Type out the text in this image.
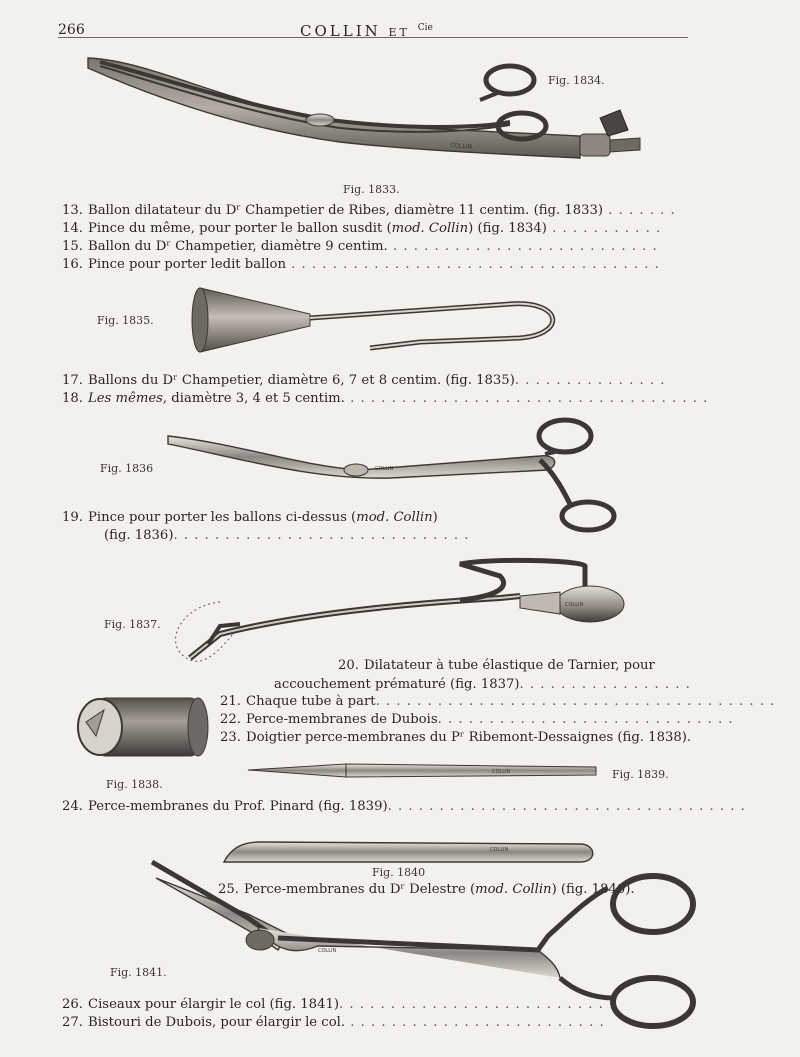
266	COLLIN ET $^{Cie}$
COLLIN
Fig. 1834.
Fig. 1833.
13. Ballon dilatateur du Dʳ Champetier de Ribes, diamètre 11 centim. (fig. 1833) . . . . . . .
14. Pince du même, pour porter le ballon susdit (mod. Collin) (fig. 1834) . . . . . . . . . . .
15. Ballon du Dʳ Champetier, diamètre 9 centim. . . . . . . . . . . . . . . . . . . . . . . . . . .
16. Pince pour porter ledit ballon . . . . . . . . . . . . . . . . . . . . . . . . . . . . . . . . . . . .
Fig. 1835.
17. Ballons du Dʳ Champetier, diamètre 6, 7 et 8 centim. (fig. 1835). . . . . . . . . . . . . . .
18. Les mêmes, diamètre 3, 4 et 5 centim. . . . . . . . . . . . . . . . . . . . . . . . . . . . . . . . . . . .
Fig. 1836	COLLIN
19. Pince pour porter les ballons ci-dessus (mod. Collin)
(fig. 1836). . . . . . . . . . . . . . . . . . . . . . . . . . . . .
Fig. 1837.
COLLIN
20. Dilatateur à tube élastique de Tarnier, pour
accouchement prématuré (fig. 1837). . . . . . . . . . . . . . . . .
Fig. 1838.
21. Chaque tube à part. . . . . . . . . . . . . . . . . . . . . . . . . . . . . . . . . . . . . . .
22. Perce-membranes de Dubois. . . . . . . . . . . . . . . . . . . . . . . . . . . . .
23. Doigtier perce-membranes du Pʳ Ribemont-Dessaignes (fig. 1838).
COLLIN	Fig. 1839.
24. Perce-membranes du Prof. Pinard (fig. 1839). . . . . . . . . . . . . . . . . . . . . . . . . . . . . . . . . . .
COLLIN
Fig. 1840
25. Perce-membranes du Dʳ Delestre (mod. Collin) (fig. 1840).
COLLIN
Fig. 1841.
26. Ciseaux pour élargir le col (fig. 1841). . . . . . . . . . . . . . . . . . . . . . . . . .
27. Bistouri de Dubois, pour élargir le col. . . . . . . . . . . . . . . . . . . . . . . . . .
